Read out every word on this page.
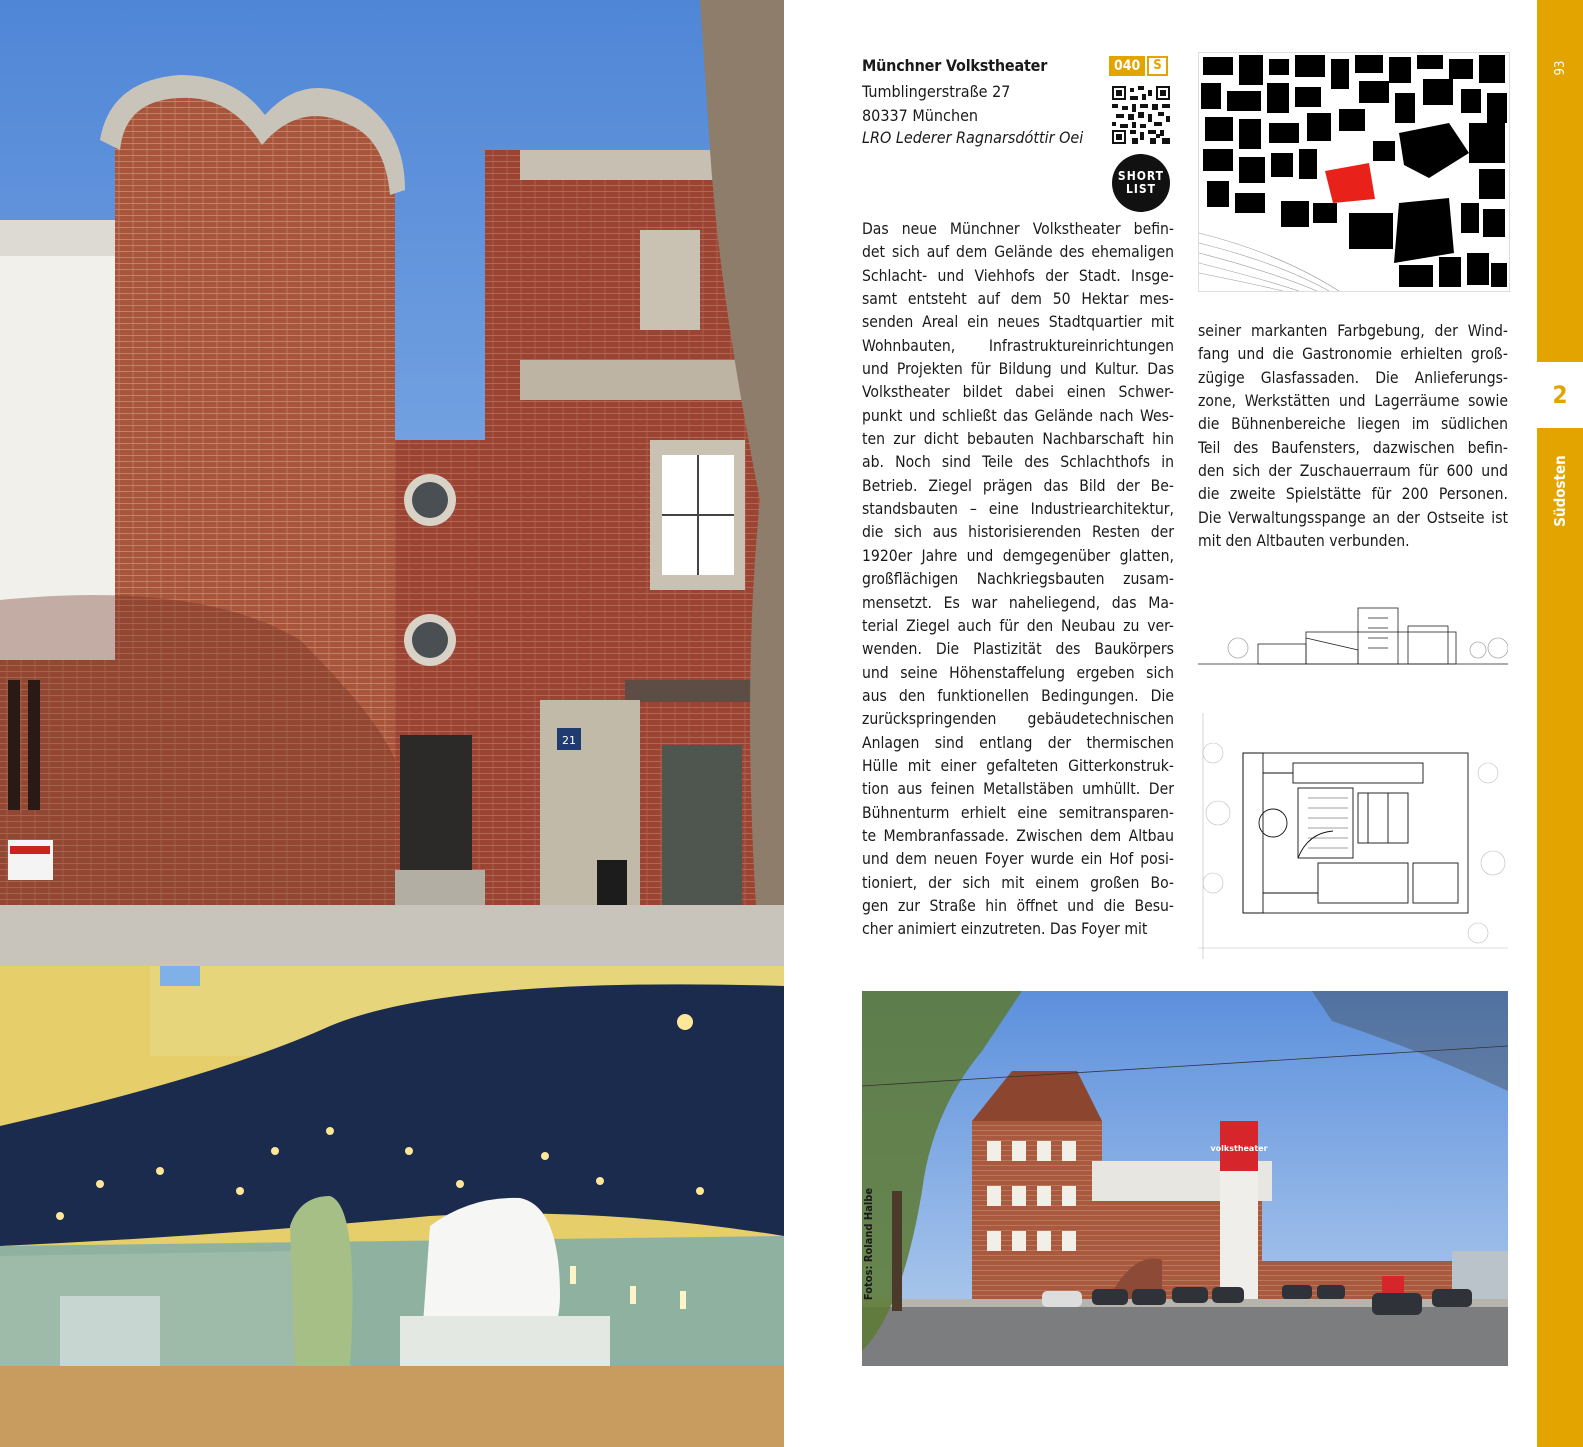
21
Münchner Volkstheater
Tumblingerstraße 27
80337 München
LRO Lederer Ragnarsdóttir Oei
040	S
SHORT
LIST
Das neue Münchner Volkstheater befin-
det sich auf dem Gelände des ehemaligen
Schlacht- und Viehhofs der Stadt. Insge-
samt entsteht auf dem 50 Hektar mes-
senden Areal ein neues Stadtquartier mit
Wohnbauten, Infrastruktureinrichtungen
und Projekten für Bildung und Kultur. Das
Volkstheater bildet dabei einen Schwer-
punkt und schließt das Gelände nach Wes-
ten zur dicht bebauten Nachbarschaft hin
ab. Noch sind Teile des Schlachthofs in
Betrieb. Ziegel prägen das Bild der Be-
standsbauten – eine Industriearchitektur,
die sich aus historisierenden Resten der
1920er Jahre und demgegenüber glatten,
großflächigen Nachkriegsbauten zusam-
mensetzt. Es war naheliegend, das Ma-
terial Ziegel auch für den Neubau zu ver-
wenden. Die Plastizität des Baukörpers
und seine Höhenstaffelung ergeben sich
aus den funktionellen Bedingungen. Die
zurückspringenden gebäudetechnischen
Anlagen sind entlang der thermischen
Hülle mit einer gefalteten Gitterkonstruk-
tion aus feinen Metallstäben umhüllt. Der
Bühnenturm erhielt eine semitransparen-
te Membranfassade. Zwischen dem Altbau
und dem neuen Foyer wurde ein Hof posi-
tioniert, der sich mit einem großen Bo-
gen zur Straße hin öffnet und die Besu-
cher animiert einzutreten. Das Foyer mit
seiner markanten Farbgebung, der Wind-
fang und die Gastronomie erhielten groß-
zügige Glasfassaden. Die Anlieferungs-
zone, Werkstätten und Lagerräume sowie
die Bühnenbereiche liegen im südlichen
Teil des Baufensters, dazwischen befin-
den sich der Zuschauerraum für 600 und
die zweite Spielstätte für 200 Personen.
Die Verwaltungsspange an der Ostseite ist
mit den Altbauten verbunden.
volkstheater
Fotos: Roland Halbe
93
2
Südosten
